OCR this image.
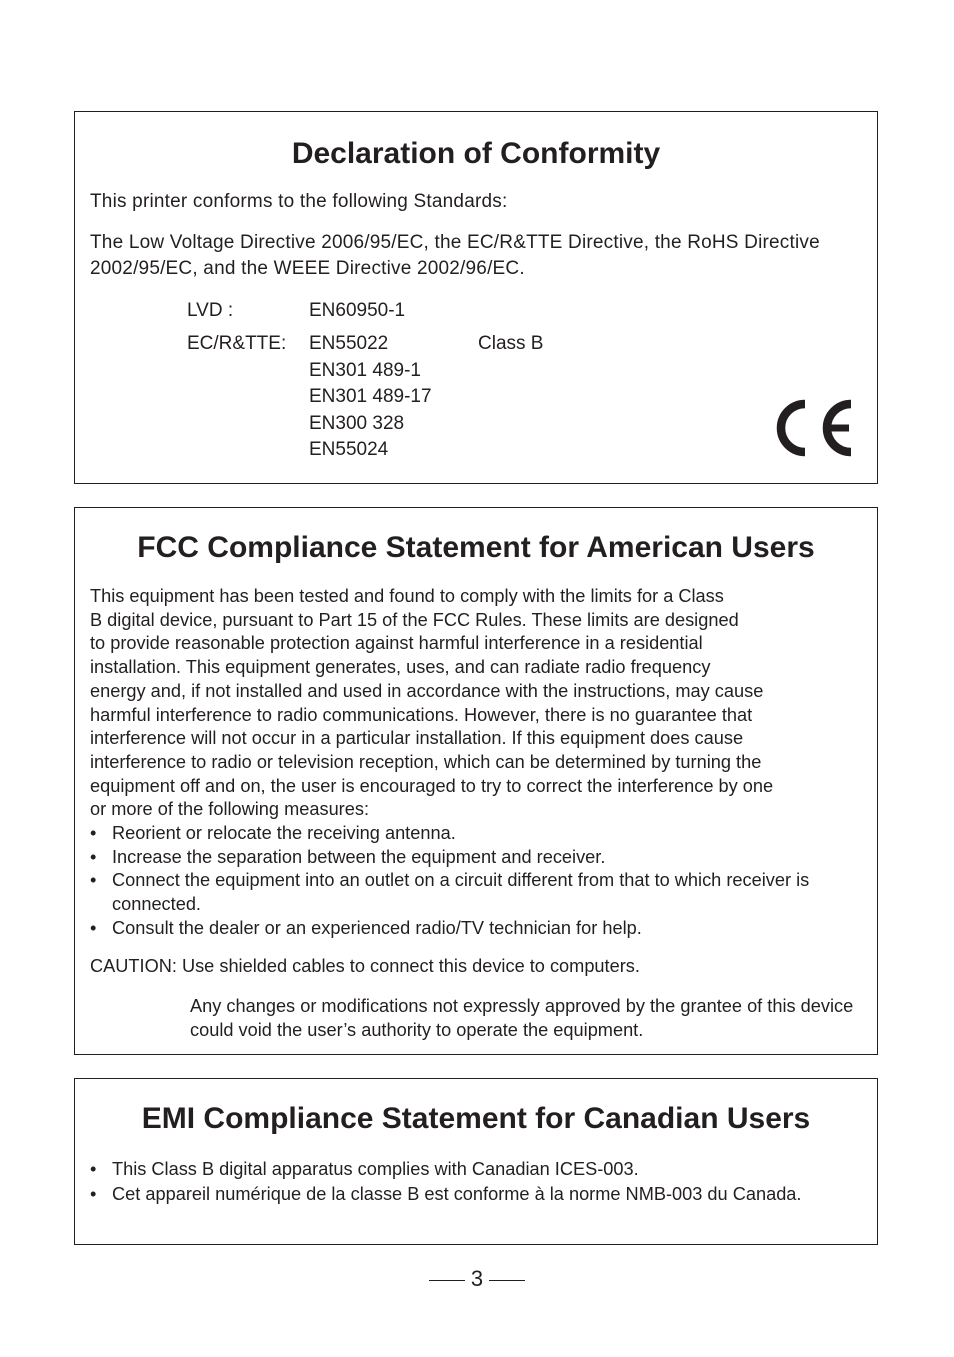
Declaration of Conformity

This printer conforms to the following Standards:

The Low Voltage Directive 2006/95/EC, the EC/R&TTE Directive, the RoHS Directive 2002/95/EC, and the WEEE Directive 2002/96/EC.

LVD :	EN60950-1
EC/R&TTE: EN55022	Class B
EN301 489-1
EN301 489-17
EN300 328
EN55024
FCC Compliance Statement for American Users
This equipment has been tested and found to comply with the limits for a Class
B digital device, pursuant to Part 15 of the FCC Rules. These limits are designed
to provide reasonable protection against harmful interference in a residential
installation. This equipment generates, uses, and can radiate radio frequency
energy and, if not installed and used in accordance with the instructions, may cause
harmful interference to radio communications. However, there is no guarantee that
interference will not occur in a particular installation. If this equipment does cause
interference to radio or television reception, which can be determined by turning the
equipment off and on, the user is encouraged to try to correct the interference by one
or more of the following measures:
• Reorient or relocate the receiving antenna.
• Increase the separation between the equipment and receiver.
• Connect the equipment into an outlet on a circuit different from that to which receiver is connected.
• Consult the dealer or an experienced radio/TV technician for help.

CAUTION: Use shielded cables to connect this device to computers.

Any changes or modifications not expressly approved by the grantee of this device could void the user’s authority to operate the equipment.

EMI Compliance Statement for Canadian Users
• This Class B digital apparatus complies with Canadian ICES-003.
• Cet appareil numérique de la classe B est conforme à la norme NMB-003 du Canada.
3
